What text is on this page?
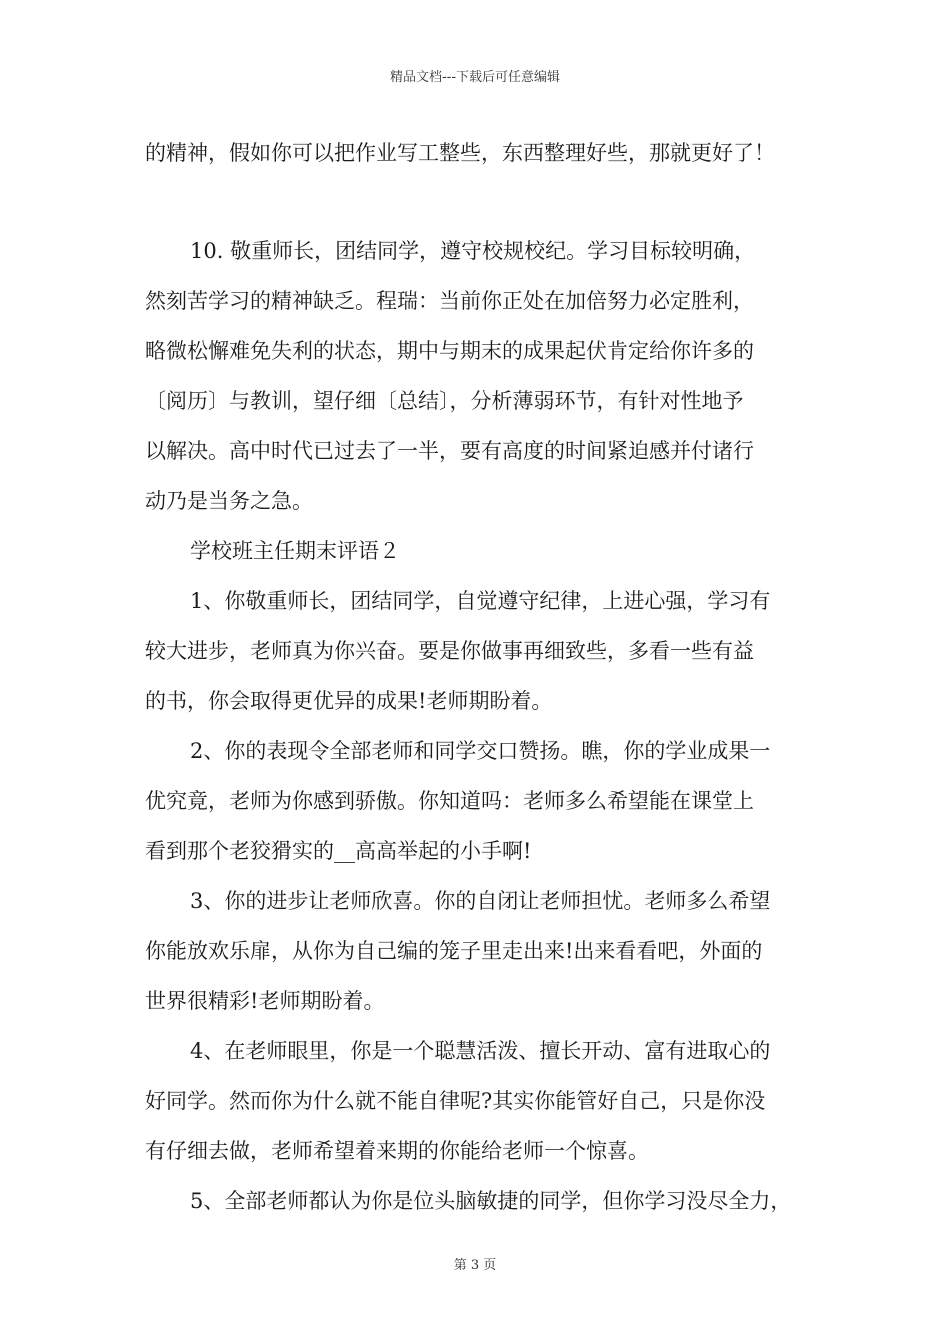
精品文档---下载后可任意编辑
的精神，假如你可以把作业写工整些，东西整理好些，那就更好了！
10. 敬重师长，团结同学，遵守校规校纪。学习目标较明确，
然刻苦学习的精神缺乏。程瑞：当前你正处在加倍努力必定胜利，
略微松懈难免失利的状态，期中与期末的成果起伏肯定给你许多的
〔阅历〕与教训，望仔细〔总结〕，分析薄弱环节，有针对性地予
以解决。高中时代已过去了一半，要有高度的时间紧迫感并付诸行
动乃是当务之急。
学校班主任期末评语２
1、你敬重师长，团结同学，自觉遵守纪律，上进心强，学习有
较大进步，老师真为你兴奋。要是你做事再细致些，多看一些有益
的书，你会取得更优异的成果!老师期盼着。
2、你的表现令全部老师和同学交口赞扬。瞧，你的学业成果一
优究竟，老师为你感到骄傲。你知道吗：老师多么希望能在课堂上
看到那个老狡猾实的__高高举起的小手啊!
3、你的进步让老师欣喜。你的自闭让老师担忧。老师多么希望
你能放欢乐扉，从你为自己编的笼子里走出来!出来看看吧，外面的
世界很精彩!老师期盼着。
4、在老师眼里，你是一个聪慧活泼、擅长开动、富有进取心的
好同学。然而你为什么就不能自律呢?其实你能管好自己，只是你没
有仔细去做，老师希望着来期的你能给老师一个惊喜。
5、全部老师都认为你是位头脑敏捷的同学，但你学习没尽全力，
第 3 页
